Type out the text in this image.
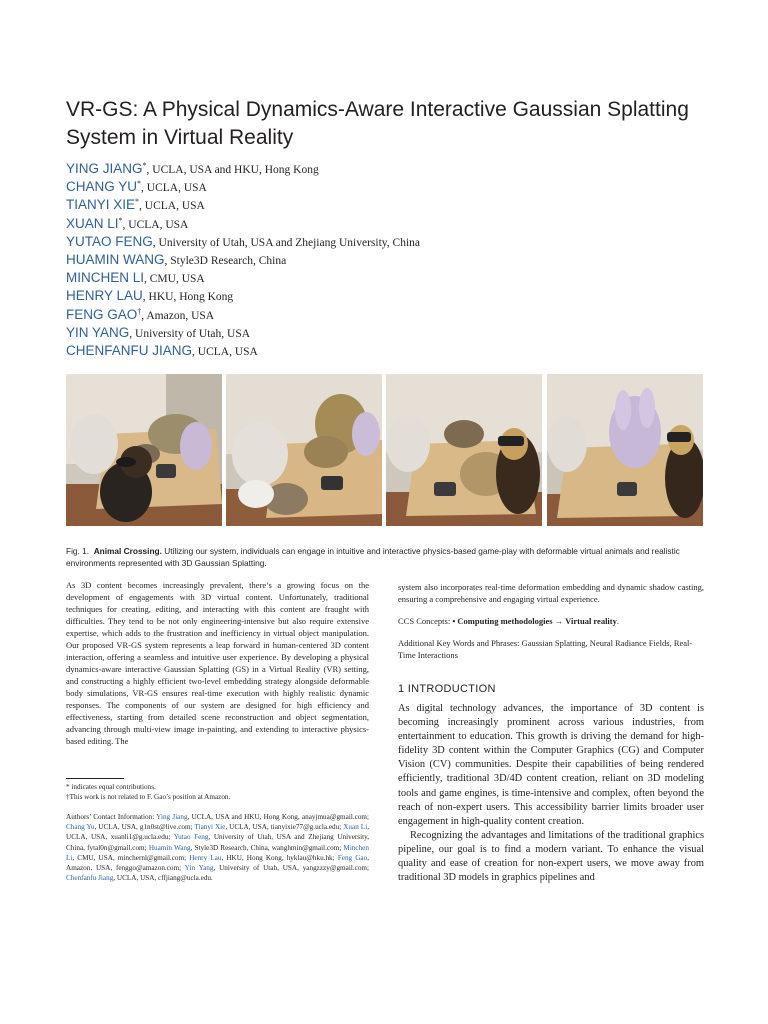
VR-GS: A Physical Dynamics-Aware Interactive Gaussian Splatting
System in Virtual Reality
YING JIANG*, UCLA, USA and HKU, Hong Kong
CHANG YU*, UCLA, USA
TIANYI XIE*, UCLA, USA
XUAN LI*, UCLA, USA
YUTAO FENG, University of Utah, USA and Zhejiang University, China
HUAMIN WANG, Style3D Research, China
MINCHEN LI, CMU, USA
HENRY LAU, HKU, Hong Kong
FENG GAO†, Amazon, USA
YIN YANG, University of Utah, USA
CHENFANFU JIANG, UCLA, USA
Fig. 1. Animal Crossing. Utilizing our system, individuals can engage in intuitive and interactive physics-based game-play with deformable virtual animals and realistic environments represented with 3D Gaussian Splatting.

As 3D content becomes increasingly prevalent, there’s a growing focus on the development of engagements with 3D virtual content. Unfortunately, traditional techniques for creating, editing, and interacting with this content are fraught with difficulties. They tend to be not only engineering-intensive but also require extensive expertise, which adds to the frustration and inefficiency in virtual object manipulation. Our proposed VR-GS system represents a leap forward in human-centered 3D content interaction, offering a seamless and intuitive user experience. By developing a physical dynamics-aware interactive Gaussian Splatting (GS) in a Virtual Reality (VR) setting, and constructing a highly efficient two-level embedding strategy alongside deformable body simulations, VR-GS ensures real-time execution with highly realistic dynamic responses. The components of our system are designed for high efficiency and effectiveness, starting from detailed scene reconstruction and object segmentation, advancing through multi-view image in-painting, and extending to interactive physics-based editing. The

* indicates equal contributions.
†This work is not related to F. Gao’s position at Amazon.
Authors’ Contact Information: Ying Jiang, UCLA, USA and HKU, Hong Kong, anayjmua@gmail.com; Chang Yu, UCLA, USA, g1n0st@live.com; Tianyi Xie, UCLA, USA, tianyixie77@g.ucla.edu; Xuan Li, UCLA, USA, xuanli1@g.ucla.edu; Yutao Feng, University of Utah, USA and Zhejiang University, China, fytal0n@gmail.com; Huamin Wang, Style3D Research, China, wanghmin@gmail.com; Minchen Li, CMU, USA, minchernl@gmail.com; Henry Lau, HKU, Hong Kong, hyklau@hku.hk; Feng Gao, Amazon, USA, fenggo@amazon.com; Yin Yang, University of Utah, USA, yangzzzy@gmail.com; Chenfanfu Jiang, UCLA, USA, cffjiang@ucla.edu.

system also incorporates real-time deformation embedding and dynamic shadow casting, ensuring a comprehensive and engaging virtual experience.

CCS Concepts: • Computing methodologies → Virtual reality.

Additional Key Words and Phrases: Gaussian Splatting, Neural Radiance Fields, Real-Time Interactions

1 INTRODUCTION

As digital technology advances, the importance of 3D content is becoming increasingly prominent across various industries, from entertainment to education. This growth is driving the demand for high-fidelity 3D content within the Computer Graphics (CG) and Computer Vision (CV) communities. Despite their capabilities of being rendered efficiently, traditional 3D/4D content creation, reliant on 3D modeling tools and game engines, is time-intensive and complex, often beyond the reach of non-expert users. This accessibility barrier limits broader user engagement in high-quality content creation.

Recognizing the advantages and limitations of the traditional graphics pipeline, our goal is to find a modern variant. To enhance the visual quality and ease of creation for non-expert users, we move away from traditional 3D models in graphics pipelines and
